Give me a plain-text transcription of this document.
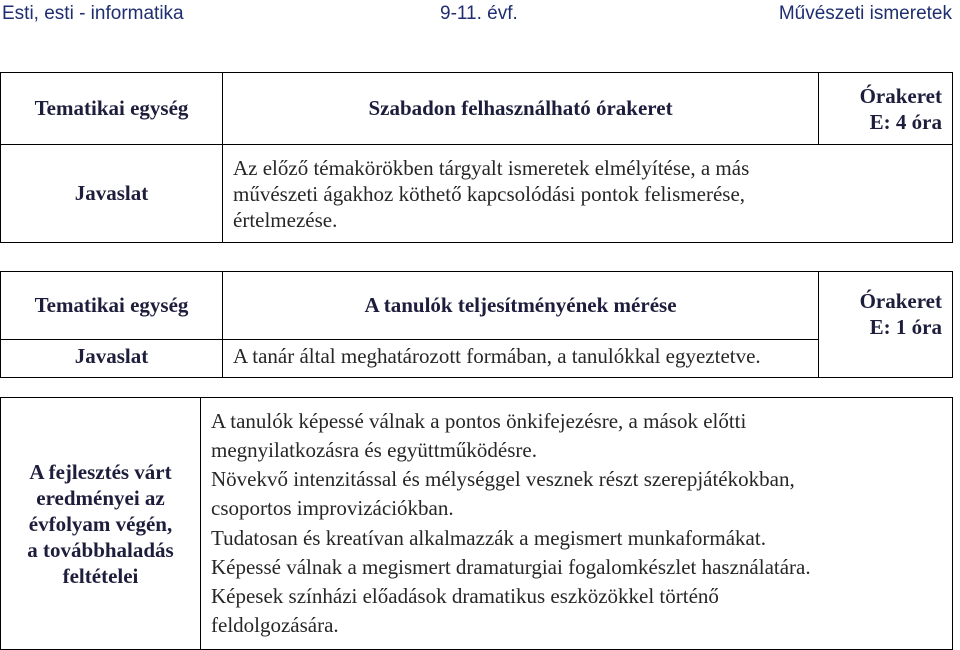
Esti, esti - informatika	9-11. évf.	Művészeti ismeretek
Tematikai egység	Szabadon felhasználható órakeret	Órakeret
E: 4 óra

Javaslat	Az előző témakörökben tárgyalt ismeretek elmélyítése, a más
művészeti ágakhoz köthető kapcsolódási pontok felismerése,
értelmezése.	
Tematikai egység	A tanulók teljesítményének mérése	Órakeret
E: 1 óra

Javaslat	A tanár által meghatározott formában, a tanulókkal egyeztetve.	
A fejlesztés várt
eredményei az
évfolyam végén,
a továbbhaladás
feltételei

A tanulók képessé válnak a pontos önkifejezésre, a mások előtti
megnyilatkozásra és együttműködésre.
Növekvő intenzitással és mélységgel vesznek részt szerepjátékokban,
csoportos improvizációkban.
Tudatosan és kreatívan alkalmazzák a megismert munkaformákat.
Képessé válnak a megismert dramaturgiai fogalomkészlet használatára.
Képesek színházi előadások dramatikus eszközökkel történő
feldolgozására.
